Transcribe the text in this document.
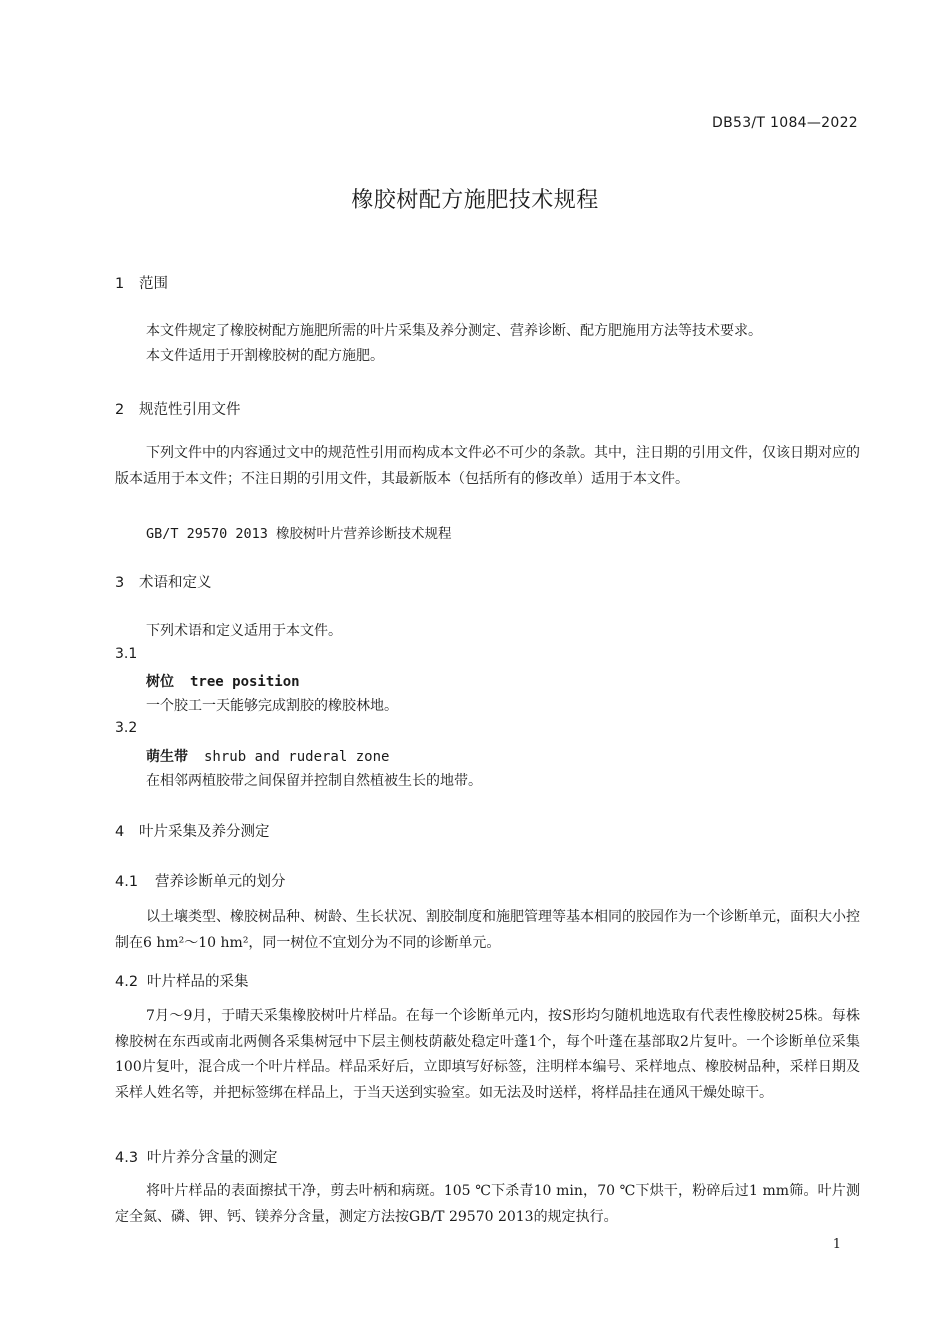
DB53/T 1084—2022
橡胶树配方施肥技术规程
1 范围
本文件规定了橡胶树配方施肥所需的叶片采集及养分测定、营养诊断、配方肥施用方法等技术要求。
本文件适用于开割橡胶树的配方施肥。
2 规范性引用文件
下列文件中的内容通过文中的规范性引用而构成本文件必不可少的条款。其中，注日期的引用文件，仅该日期对应的版本适用于本文件；不注日期的引用文件，其最新版本（包括所有的修改单）适用于本文件。
GB/T 29570 2013 橡胶树叶片营养诊断技术规程
3 术语和定义
下列术语和定义适用于本文件。
3.1
树位 tree position
一个胶工一天能够完成割胶的橡胶林地。
3.2
萌生带 shrub and ruderal zone
在相邻两植胶带之间保留并控制自然植被生长的地带。
4 叶片采集及养分测定
4.1 营养诊断单元的划分
以土壤类型、橡胶树品种、树龄、生长状况、割胶制度和施肥管理等基本相同的胶园作为一个诊断单元，面积大小控制在6 hm²～10 hm²，同一树位不宜划分为不同的诊断单元。
4.2 叶片样品的采集
7月～9月，于晴天采集橡胶树叶片样品。在每一个诊断单元内，按S形均匀随机地选取有代表性橡胶树25株。每株橡胶树在东西或南北两侧各采集树冠中下层主侧枝荫蔽处稳定叶蓬1个，每个叶蓬在基部取2片复叶。一个诊断单位采集100片复叶，混合成一个叶片样品。样品采好后，立即填写好标签，注明样本编号、采样地点、橡胶树品种，采样日期及采样人姓名等，并把标签绑在样品上，于当天送到实验室。如无法及时送样，将样品挂在通风干燥处晾干。
4.3 叶片养分含量的测定
将叶片样品的表面擦拭干净，剪去叶柄和病斑。105 ℃下杀青10 min，70 ℃下烘干，粉碎后过1 mm筛。叶片测定全氮、磷、钾、钙、镁养分含量，测定方法按GB/T 29570 2013的规定执行。
1
